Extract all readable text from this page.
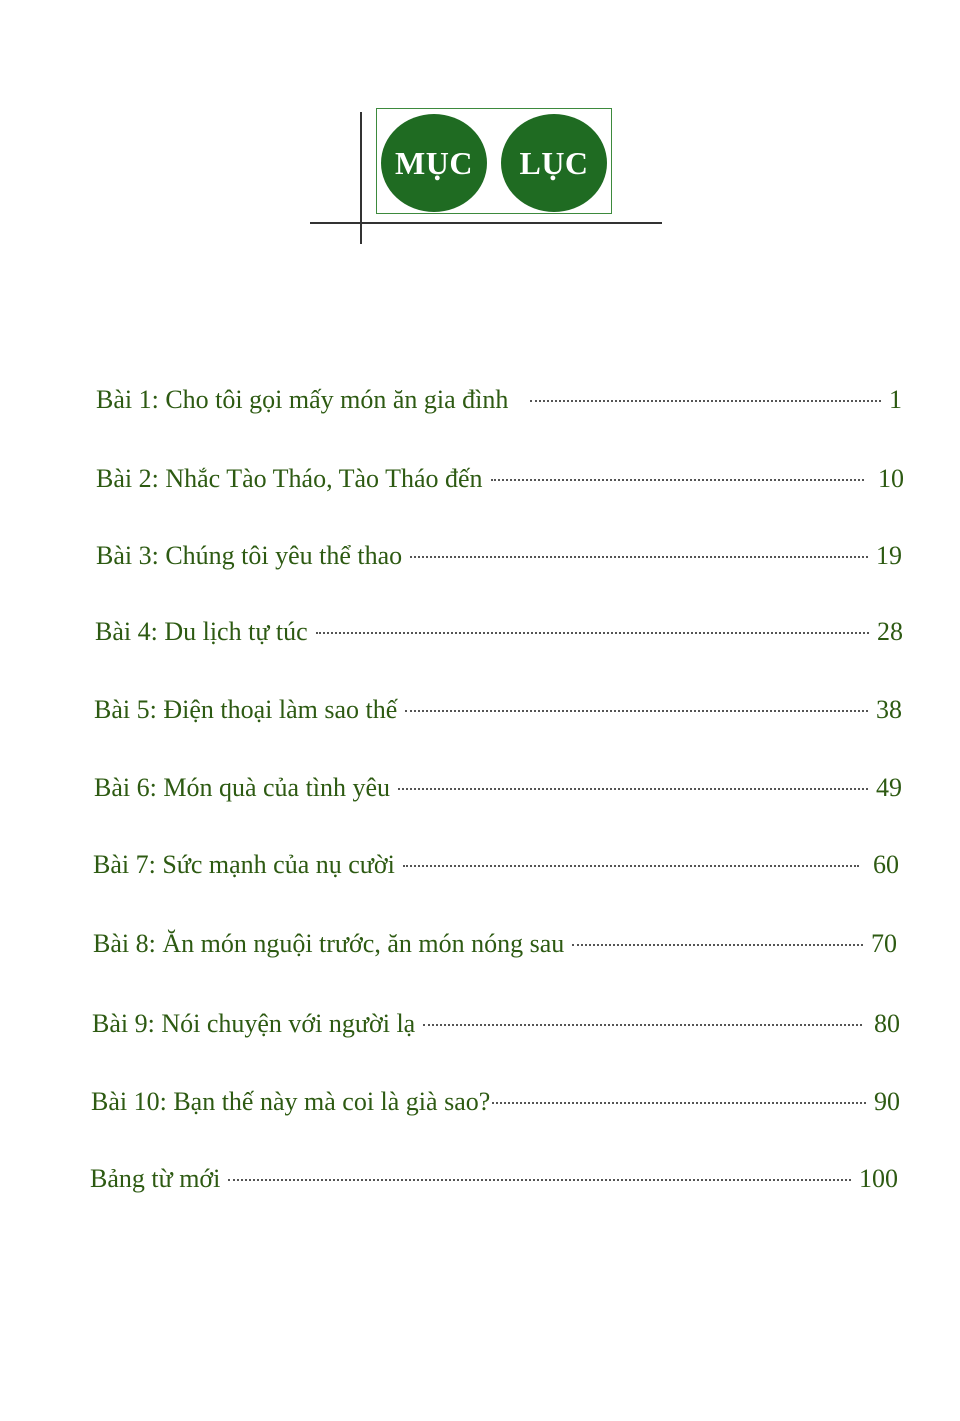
MỤC LỤC
Bài 1: Cho tôi gọi mấy món ăn gia đình	1
Bài 2: Nhắc Tào Tháo, Tào Tháo đến	10
Bài 3: Chúng tôi yêu thể thao	19
Bài 4: Du lịch tự túc	28
Bài 5: Điện thoại làm sao thế	38
Bài 6: Món quà của tình yêu	49
Bài 7: Sức mạnh của nụ cười	60
Bài 8: Ăn món nguội trước, ăn món nóng sau	70
Bài 9: Nói chuyện với người lạ	80
Bài 10: Bạn thế này mà coi là già sao?	90
Bảng từ mới	100
